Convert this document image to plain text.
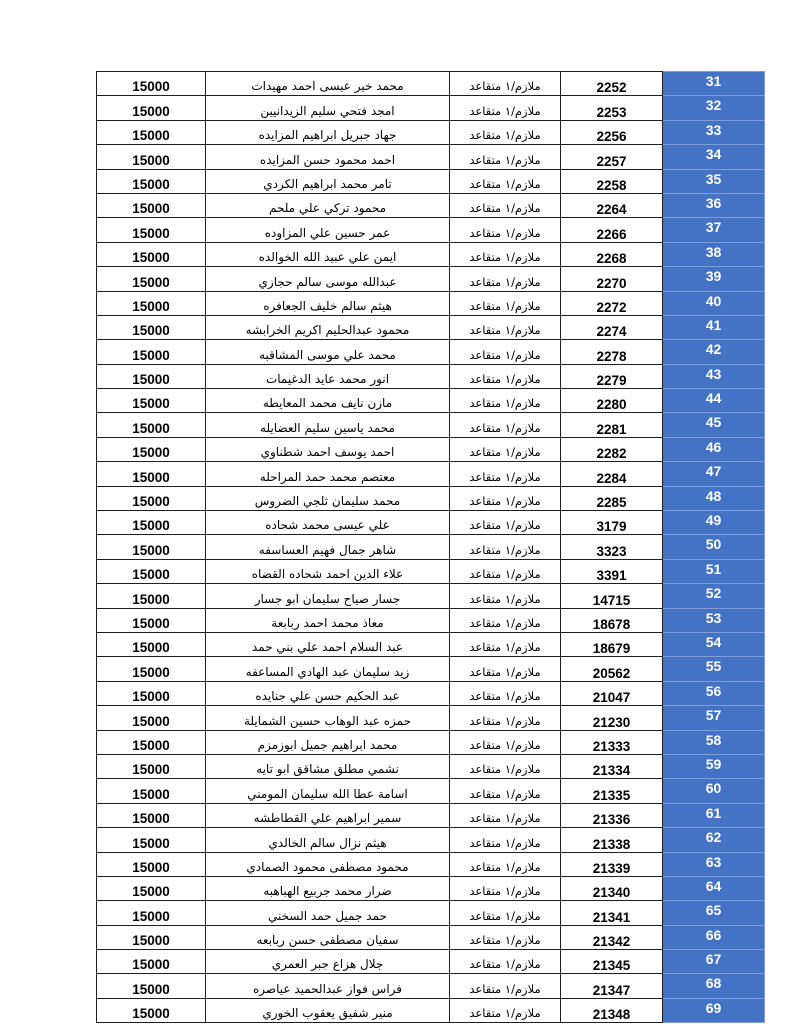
15000	محمد خير عيسى احمد مهيدات	ملازم/١ متقاعد	2252	31
15000	امجد فتحي سليم الزيدانيين	ملازم/١ متقاعد	2253	32
15000	جهاد جبريل ابراهيم المزايده	ملازم/١ متقاعد	2256	33
15000	احمد محمود حسن المزايده	ملازم/١ متقاعد	2257	34
15000	تامر محمد ابراهيم الكردي	ملازم/١ متقاعد	2258	35
15000	محمود تركي علي ملحم	ملازم/١ متقاعد	2264	36
15000	عمر حسين علي المزاوده	ملازم/١ متقاعد	2266	37
15000	ايمن علي عبيد الله الخوالده	ملازم/١ متقاعد	2268	38
15000	عبدالله موسى سالم حجازي	ملازم/١ متقاعد	2270	39
15000	هيثم سالم خليف الجعافره	ملازم/١ متقاعد	2272	40
15000	محمود عبدالحليم اكريم الخرابشه	ملازم/١ متقاعد	2274	41
15000	محمد علي موسى المشاقبه	ملازم/١ متقاعد	2278	42
15000	انور محمد عايد الدغيمات	ملازم/١ متقاعد	2279	43
15000	مازن نايف محمد المعايطه	ملازم/١ متقاعد	2280	44
15000	محمد ياسين سليم العضايله	ملازم/١ متقاعد	2281	45
15000	احمد يوسف احمد شطناوي	ملازم/١ متقاعد	2282	46
15000	معتصم محمد حمد المراحله	ملازم/١ متقاعد	2284	47
15000	محمد سليمان ثلجي الضروس	ملازم/١ متقاعد	2285	48
15000	علي عيسى محمد شحاده	ملازم/١ متقاعد	3179	49
15000	شاهر جمال فهيم العساسفه	ملازم/١ متقاعد	3323	50
15000	علاء الدين احمد شحاده القضاه	ملازم/١ متقاعد	3391	51
15000	جسار صياح سليمان ابو جسار	ملازم/١ متقاعد	14715	52
15000	معاذ محمد احمد ربابعة	ملازم/١ متقاعد	18678	53
15000	عبد السلام احمد علي بني حمد	ملازم/١ متقاعد	18679	54
15000	زيد سليمان عبد الهادي المساعفه	ملازم/١ متقاعد	20562	55
15000	عبد الحكيم حسن علي جنايده	ملازم/١ متقاعد	21047	56
15000	حمزه عبد الوهاب حسين الشمايلة	ملازم/١ متقاعد	21230	57
15000	محمد ابراهيم جميل ابوزمزم	ملازم/١ متقاعد	21333	58
15000	نشمي مطلق مشاقق ابو تايه	ملازم/١ متقاعد	21334	59
15000	اسامة عطا الله سليمان المومني	ملازم/١ متقاعد	21335	60
15000	سمير ابراهيم علي القطاطشه	ملازم/١ متقاعد	21336	61
15000	هيثم نزال سالم الخالدي	ملازم/١ متقاعد	21338	62
15000	محمود مصطفى محمود الصمادي	ملازم/١ متقاعد	21339	63
15000	ضرار محمد جربيع الهباهبه	ملازم/١ متقاعد	21340	64
15000	حمد جميل حمد السخني	ملازم/١ متقاعد	21341	65
15000	سفيان مصطفى حسن ربابعه	ملازم/١ متقاعد	21342	66
15000	جلال هزاع جبر العمري	ملازم/١ متقاعد	21345	67
15000	فراس فواز عبدالحميد عياصره	ملازم/١ متقاعد	21347	68
15000	منير شفيق يعقوب الخوري	ملازم/١ متقاعد	21348	69
